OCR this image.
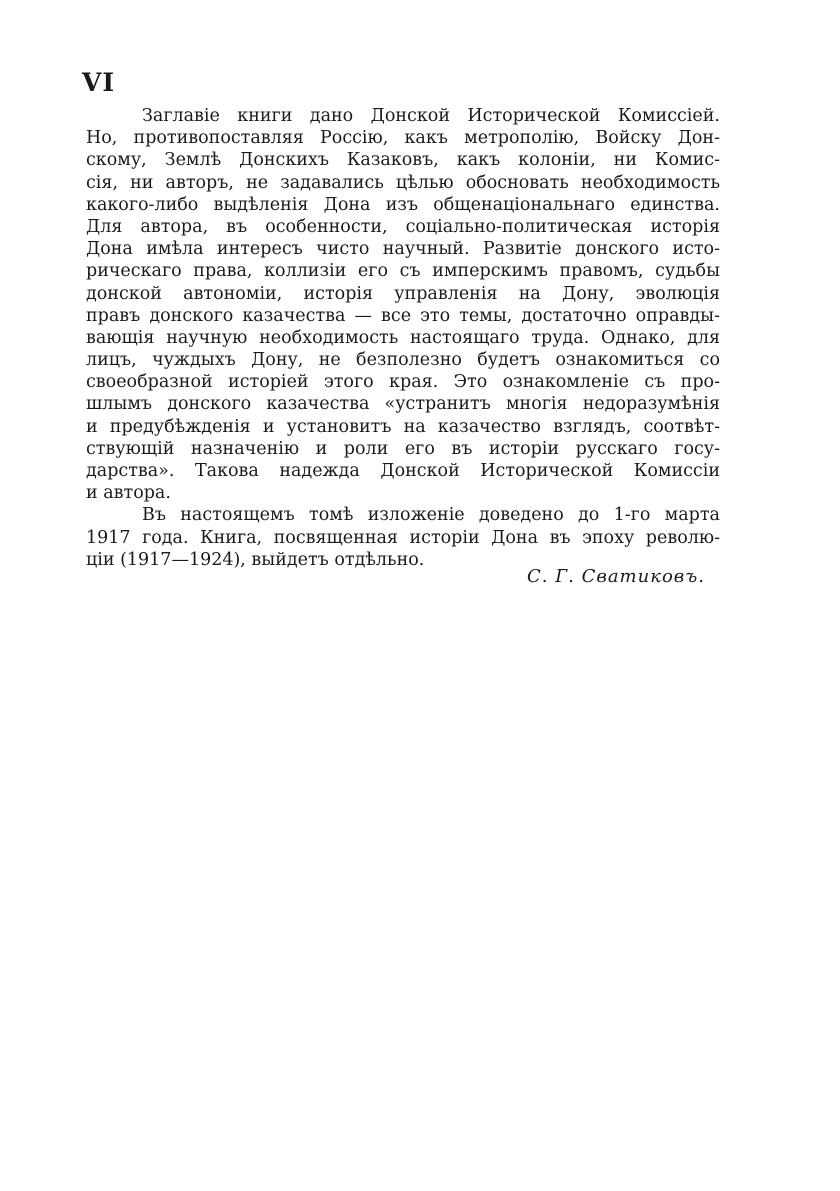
VI
Заглавіе книги дано Донской Исторической Комиссіей.
Но, противопоставляя Россію, какъ метрополію, Войску Дон-
скому, Землѣ Донскихъ Казаковъ, какъ колоніи, ни Комис-
сія, ни авторъ, не задавались цѣлью обосновать необходимость
какого-либо выдѣленія Дона изъ общенаціональнаго единства.
Для автора, въ особенности, соціально-политическая исторія
Дона имѣла интересъ чисто научный. Развитіе донского исто-
рическаго права, коллизіи его съ имперскимъ правомъ, судьбы
донской автономіи, исторія управленія на Дону, эволюція
правъ донского казачества — все это темы, достаточно оправды-
вающія научную необходимость настоящаго труда. Однако, для
лицъ, чуждыхъ Дону, не безполезно будетъ ознакомиться со
своеобразной исторіей этого края. Это ознакомленіе съ про-
шлымъ донского казачества «устранитъ многія недоразумѣнія
и предубѣжденія и установитъ на казачество взглядъ, соотвѣт-
ствующій назначенію и роли его въ исторіи русскаго госу-
дарства». Такова надежда Донской Исторической Комиссіи
и автора.
Въ настоящемъ томѣ изложеніе доведено до 1-го марта
1917 года. Книга, посвященная исторіи Дона въ эпоху револю-
ціи (1917—1924), выйдетъ отдѣльно.
С. Г. Сватиковъ.
